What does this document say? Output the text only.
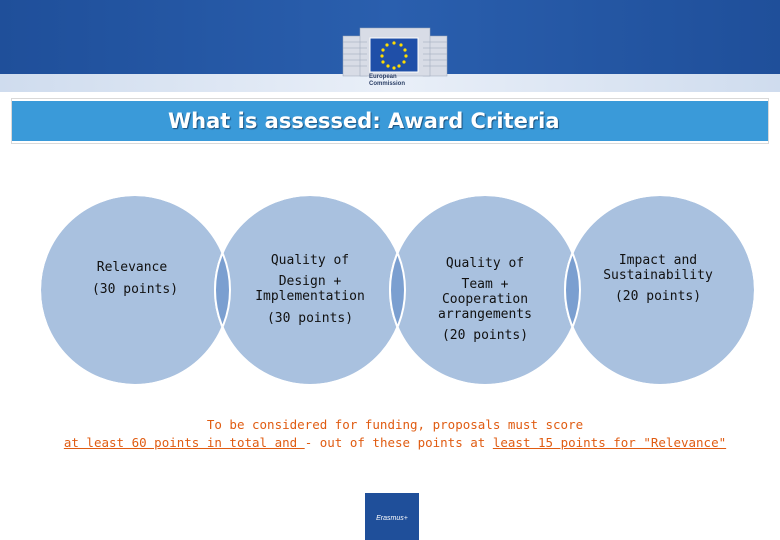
European
Commission
What is assessed: Award Criteria
Relevance
(30 points)
Quality of
Design +
Implementation
(30 points)
Quality of
Team +
Cooperation
arrangements
(20 points)
Impact and
Sustainability
(20 points)
To be considered for funding, proposals must score
at least 60 points in total and - out of these points at least 15 points for "Relevance"
Erasmus+
